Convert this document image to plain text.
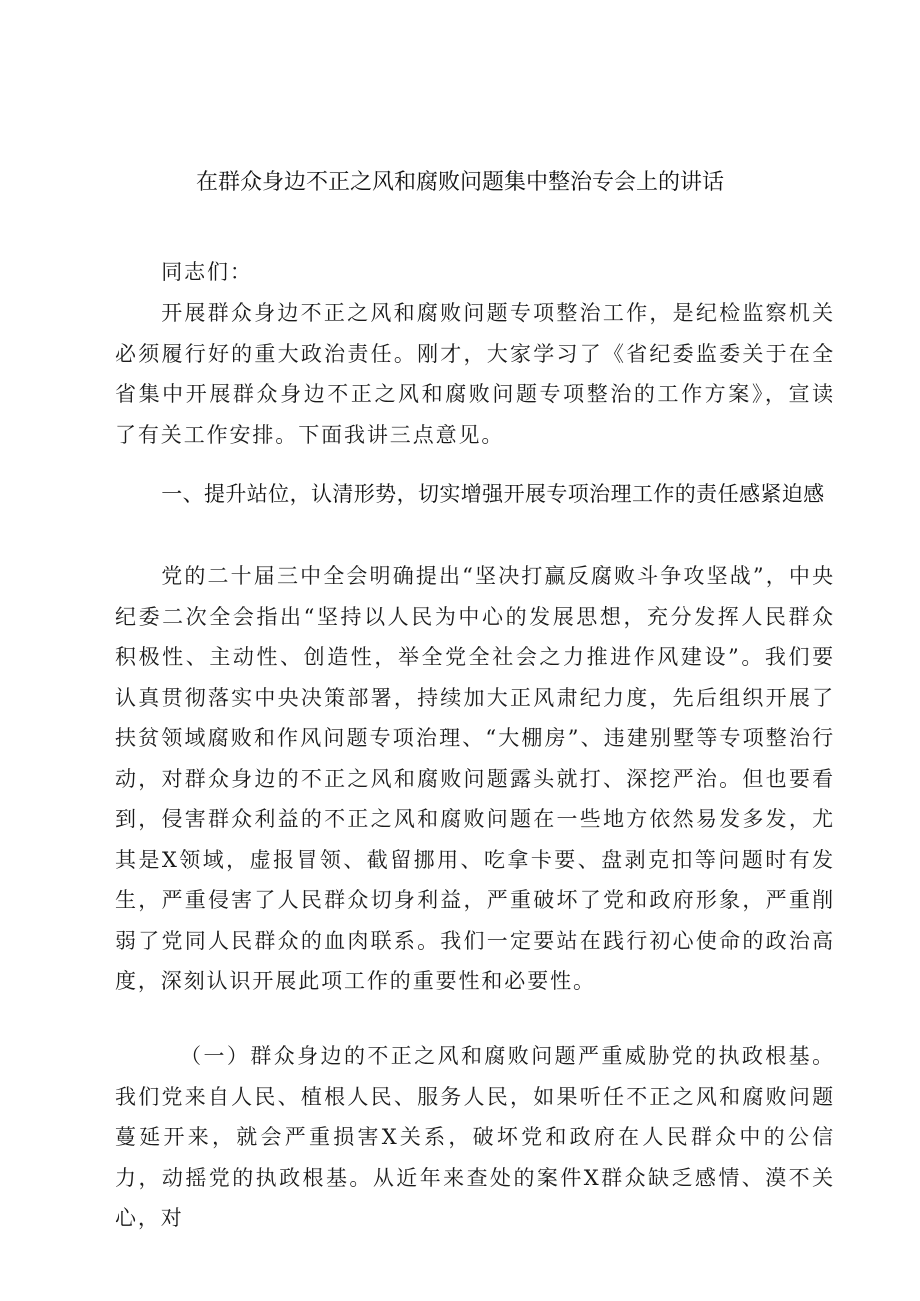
在群众身边不正之风和腐败问题集中整治专会上的讲话

同志们：

开展群众身边不正之风和腐败问题专项整治工作，是纪检监察机关必须履行好的重大政治责任。刚才，大家学习了《省纪委监委关于在全省集中开展群众身边不正之风和腐败问题专项整治的工作方案》，宣读了有关工作安排。下面我讲三点意见。

一、提升站位，认清形势，切实增强开展专项治理工作的责任感紧迫感

党的二十届三中全会明确提出“坚决打赢反腐败斗争攻坚战”，中央纪委二次全会指出“坚持以人民为中心的发展思想，充分发挥人民群众积极性、主动性、创造性，举全党全社会之力推进作风建设”。我们要认真贯彻落实中央决策部署，持续加大正风肃纪力度，先后组织开展了扶贫领域腐败和作风问题专项治理、“大棚房”、违建别墅等专项整治行动，对群众身边的不正之风和腐败问题露头就打、深挖严治。但也要看到，侵害群众利益的不正之风和腐败问题在一些地方依然易发多发，尤其是X领域，虚报冒领、截留挪用、吃拿卡要、盘剥克扣等问题时有发生，严重侵害了人民群众切身利益，严重破坏了党和政府形象，严重削弱了党同人民群众的血肉联系。我们一定要站在践行初心使命的政治高度，深刻认识开展此项工作的重要性和必要性。

（一）群众身边的不正之风和腐败问题严重威胁党的执政根基。我们党来自人民、植根人民、服务人民，如果听任不正之风和腐败问题蔓延开来，就会严重损害X关系，破坏党和政府在人民群众中的公信力，动摇党的执政根基。从近年来查处的案件X群众缺乏感情、漠不关心，对
